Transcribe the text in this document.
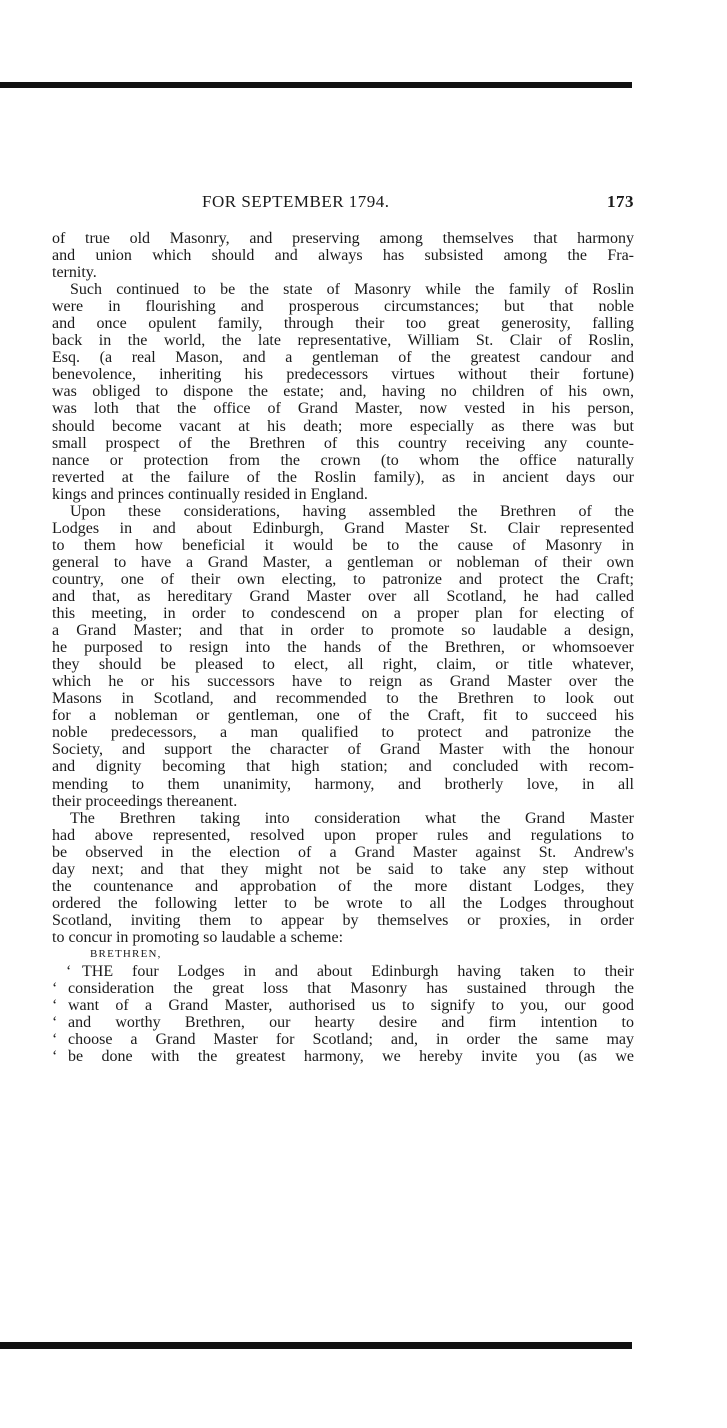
FOR SEPTEMBER 1794.	173
of true old Masonry, and preserving among themselves that harmony
and union which should and always has subsisted among the Fra-
ternity.
Such continued to be the state of Masonry while the family of Roslin
were in flourishing and prosperous circumstances; but that noble
and once opulent family, through their too great generosity, falling
back in the world, the late representative, William St. Clair of Roslin,
Esq. (a real Mason, and a gentleman of the greatest candour and
benevolence, inheriting his predecessors virtues without their fortune)
was obliged to dispone the estate; and, having no children of his own,
was loth that the office of Grand Master, now vested in his person,
should become vacant at his death; more especially as there was but
small prospect of the Brethren of this country receiving any counte-
nance or protection from the crown (to whom the office naturally
reverted at the failure of the Roslin family), as in ancient days our
kings and princes continually resided in England.
Upon these considerations, having assembled the Brethren of the
Lodges in and about Edinburgh, Grand Master St. Clair represented
to them how beneficial it would be to the cause of Masonry in
general to have a Grand Master, a gentleman or nobleman of their own
country, one of their own electing, to patronize and protect the Craft;
and that, as hereditary Grand Master over all Scotland, he had called
this meeting, in order to condescend on a proper plan for electing of
a Grand Master; and that in order to promote so laudable a design,
he purposed to resign into the hands of the Brethren, or whomsoever
they should be pleased to elect, all right, claim, or title whatever,
which he or his successors have to reign as Grand Master over the
Masons in Scotland, and recommended to the Brethren to look out
for a nobleman or gentleman, one of the Craft, fit to succeed his
noble predecessors, a man qualified to protect and patronize the
Society, and support the character of Grand Master with the honour
and dignity becoming that high station; and concluded with recom-
mending to them unanimity, harmony, and brotherly love, in all
their proceedings thereanent.
The Brethren taking into consideration what the Grand Master
had above represented, resolved upon proper rules and regulations to
be observed in the election of a Grand Master against St. Andrew's
day next; and that they might not be said to take any step without
the countenance and approbation of the more distant Lodges, they
ordered the following letter to be wrote to all the Lodges throughout
Scotland, inviting them to appear by themselves or proxies, in order
to concur in promoting so laudable a scheme:
BRETHREN,
‘ THE four Lodges in and about Edinburgh having taken to their
‘ consideration the great loss that Masonry has sustained through the
‘ want of a Grand Master, authorised us to signify to you, our good
‘ and worthy Brethren, our hearty desire and firm intention to
‘ choose a Grand Master for Scotland; and, in order the same may
‘ be done with the greatest harmony, we hereby invite you (as we
